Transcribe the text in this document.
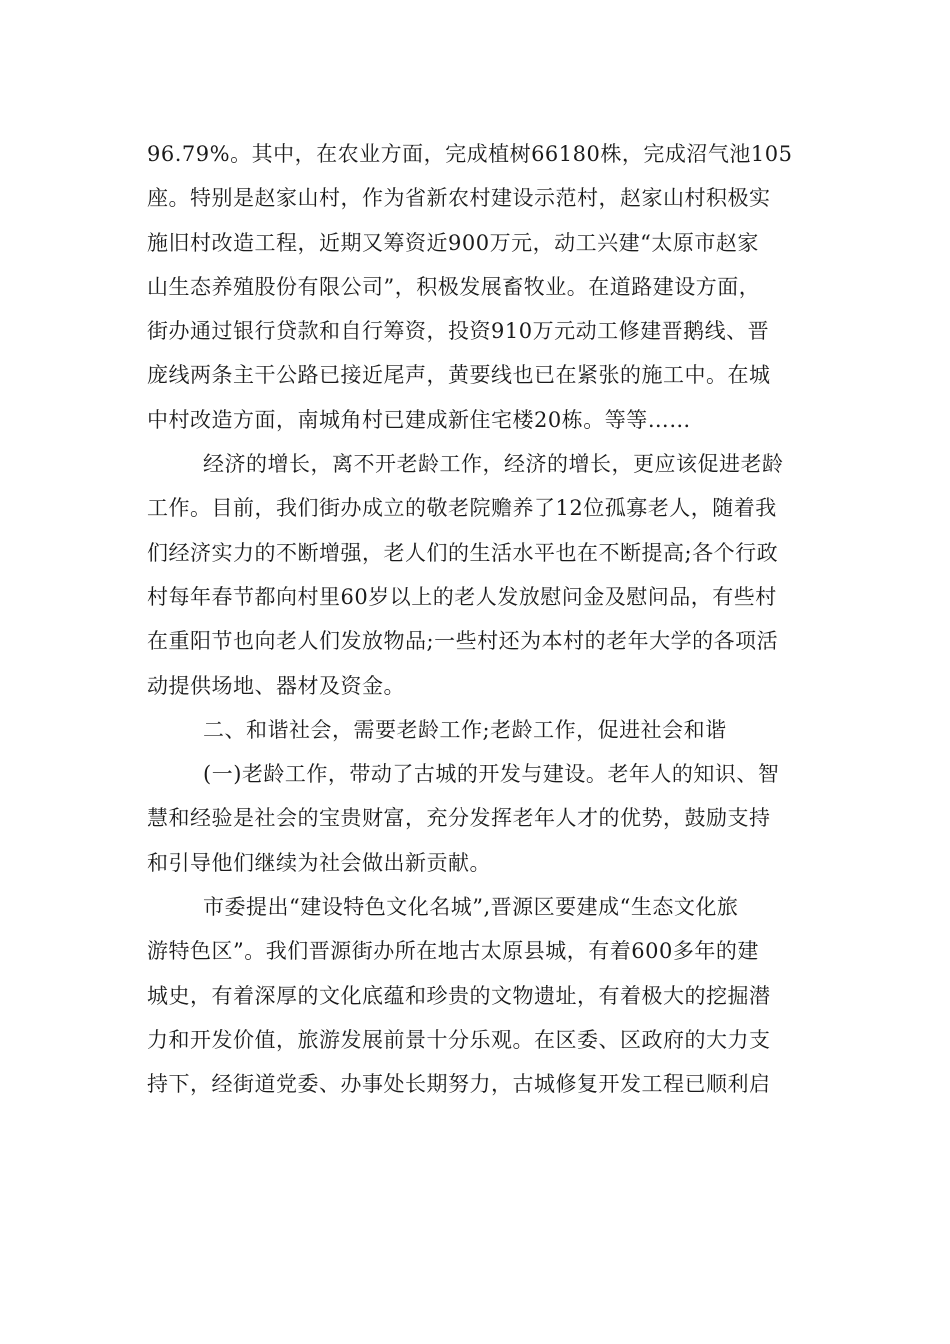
96.79%。其中，在农业方面，完成植树66180株，完成沼气池105
座。特别是赵家山村，作为省新农村建设示范村，赵家山村积极实
施旧村改造工程，近期又筹资近900万元，动工兴建“太原市赵家
山生态养殖股份有限公司”，积极发展畜牧业。在道路建设方面，
街办通过银行贷款和自行筹资，投资910万元动工修建晋鹅线、晋
庞线两条主干公路已接近尾声，黄要线也已在紧张的施工中。在城
中村改造方面，南城角村已建成新住宅楼20栋。等等……
经济的增长，离不开老龄工作，经济的增长，更应该促进老龄
工作。目前，我们街办成立的敬老院赡养了12位孤寡老人，随着我
们经济实力的不断增强，老人们的生活水平也在不断提高;各个行政
村每年春节都向村里60岁以上的老人发放慰问金及慰问品，有些村
在重阳节也向老人们发放物品;一些村还为本村的老年大学的各项活
动提供场地、器材及资金。
二、和谐社会，需要老龄工作;老龄工作，促进社会和谐
(一)老龄工作，带动了古城的开发与建设。老年人的知识、智
慧和经验是社会的宝贵财富，充分发挥老年人才的优势，鼓励支持
和引导他们继续为社会做出新贡献。
市委提出“建设特色文化名城”,晋源区要建成“生态文化旅
游特色区”。我们晋源街办所在地古太原县城，有着600多年的建
城史，有着深厚的文化底蕴和珍贵的文物遗址，有着极大的挖掘潜
力和开发价值，旅游发展前景十分乐观。在区委、区政府的大力支
持下，经街道党委、办事处长期努力，古城修复开发工程已顺利启
